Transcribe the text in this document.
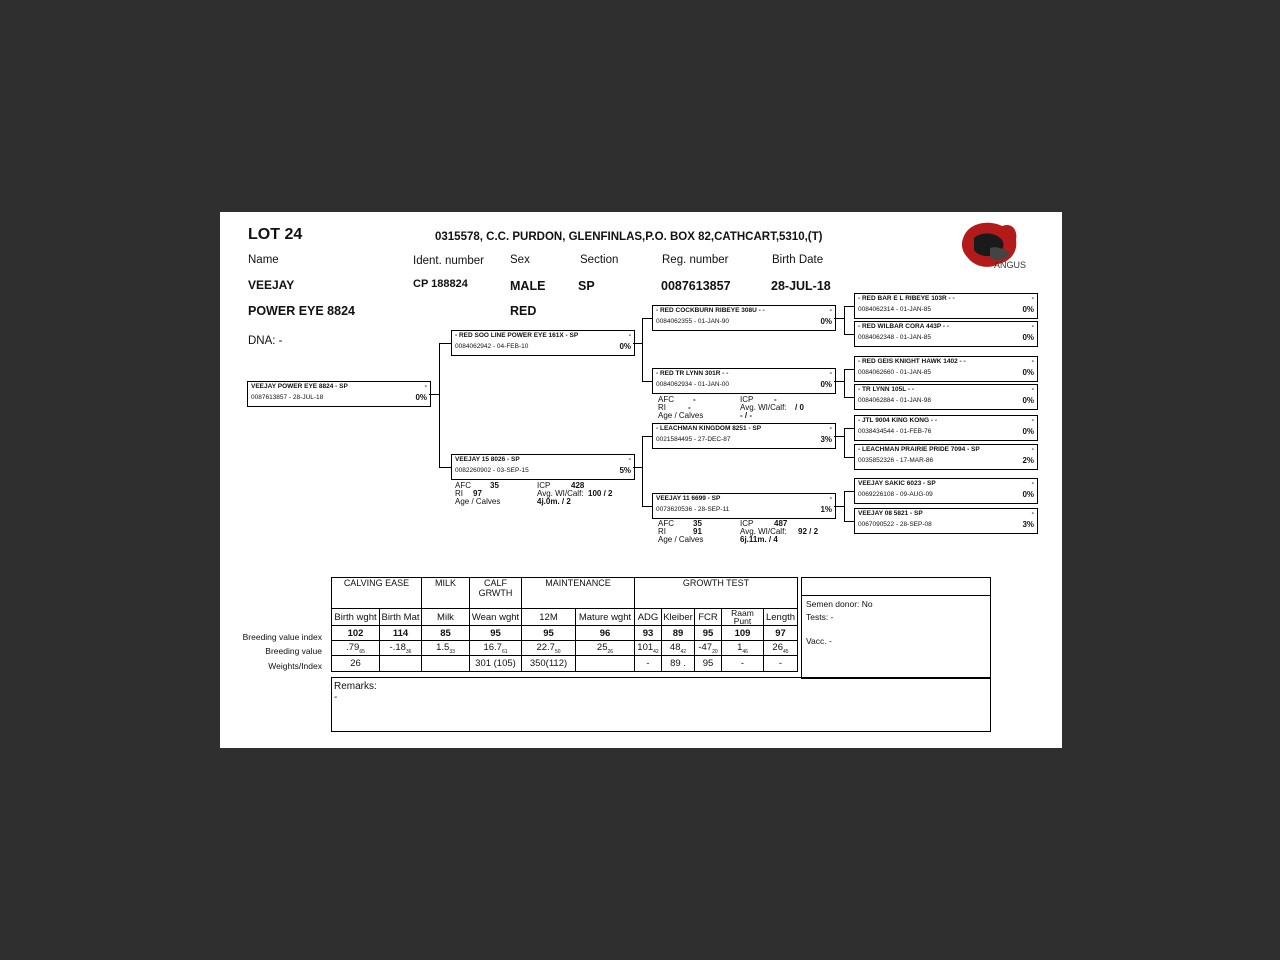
LOT 24	0315578, C.C. PURDON, GLENFINLAS,P.O. BOX 82,CATHCART,5310,(T)
ANGUS
Name	Ident. number Sex	Section	Reg. number	Birth Date
VEEJAY
POWER EYE 8824
CP 188824	MALE	SP	0087613857	28-JUL-18
RED
DNA: -
VEEJAY POWER EYE 8824 - SP	-
0087613857 - 28-JUL-18	0%
- RED SOO LINE POWER EYE 161X - SP	-
0084062942 - 04-FEB-10	0%
VEEJAY 15 8026 - SP	-
0082260902 - 03-SEP-15	5%
- RED COCKBURN RIBEYE 308U - -	-
0084062355 - 01-JAN-90	0%
- RED TR LYNN 301R - -	-
0084062934 - 01-JAN-00	0%
- LEACHMAN KINGDOM 8251 - SP	-
0021584495 - 27-DEC-87	3%
VEEJAY 11 6699 - SP	-
0073620536 - 28-SEP-11	1%
- RED BAR E L RIBEYE 103R - -	-
0084062314 - 01-JAN-85	0%
- RED WILBAR CORA 443P - -	-
0084062348 - 01-JAN-85	0%
- RED GEIS KNIGHT HAWK 1402 - -	-
0084062660 - 01-JAN-85	0%
- TR LYNN 105L - -	-
0084062884 - 01-JAN-98	0%
- JTL 9004 KING KONG - -	-
0038434544 - 01-FEB-76	0%
- LEACHMAN PRAIRIE PRIDE 7094 - SP	-
0035852326 - 17-MAR-86	2%
VEEJAY SAKIC 6023 - SP	-
0069226108 - 09-AUG-09	0%
VEEJAY 08 5821 - SP	-
0067090522 - 28-SEP-08	3%
AFC 35	ICP	428
RI 97	Avg. WI/Calf: 100 / 2
Age / Calves	4j.0m. / 2
AFC -	ICP	-
RI	-	Avg. WI/Calf: / 0
Age / Calves	- / -
AFC 35	ICP	487
RI	91	Avg. WI/Calf: 92 / 2
Age / Calves	6j.11m. / 4
Breeding value index
Breeding value
Weights/Index
CALVING EASE		MILK	CALF GRWTH	MAINTENANCE		GROWTH TEST				
Birth wght	Birth Mat	Milk	Wean wght	12M	Mature wght	ADG	Kleiber	FCR	Raam Punt	Length
102	114	85	95	95	96	93	89	95	109	97
$.79_{65}$	$-.18_{36}$	$1.5_{33}$	$16.7_{61}$	$22.7_{50}$	$25_{26}$	$101_{42}$	$48_{42}$	$-47_{20}$	$1_{46}$	$26_{45}$
26			301 (105)	350(112)		-	89 .	95	-	-
Semen donor: No
Tests: -
Vacc. -
Remarks:
-
